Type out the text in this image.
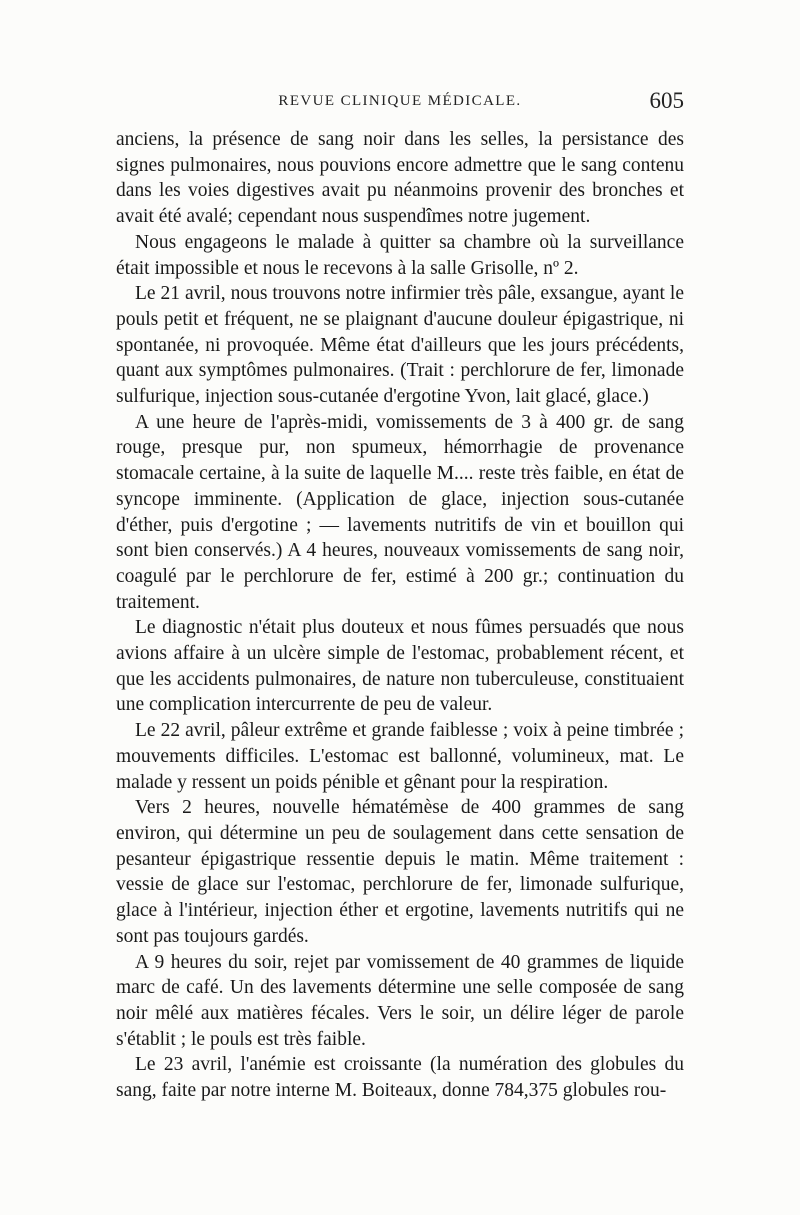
REVUE CLINIQUE MÉDICALE.	605

anciens, la présence de sang noir dans les selles, la persistance des signes pulmonaires, nous pouvions encore admettre que le sang contenu dans les voies digestives avait pu néanmoins provenir des bronches et avait été avalé; cependant nous suspendîmes notre jugement.

Nous engageons le malade à quitter sa chambre où la surveillance était impossible et nous le recevons à la salle Grisolle, nº 2.

Le 21 avril, nous trouvons notre infirmier très pâle, exsangue, ayant le pouls petit et fréquent, ne se plaignant d'aucune douleur épigastrique, ni spontanée, ni provoquée. Même état d'ailleurs que les jours précédents, quant aux symptômes pulmonaires. (Trait : perchlorure de fer, limonade sulfurique, injection sous-cutanée d'ergotine Yvon, lait glacé, glace.)

A une heure de l'après-midi, vomissements de 3 à 400 gr. de sang rouge, presque pur, non spumeux, hémorrhagie de provenance stomacale certaine, à la suite de laquelle M.... reste très faible, en état de syncope imminente. (Application de glace, injection sous-cutanée d'éther, puis d'ergotine ; — lavements nutritifs de vin et bouillon qui sont bien conservés.) A 4 heures, nouveaux vomissements de sang noir, coagulé par le perchlorure de fer, estimé à 200 gr.; continuation du traitement.

Le diagnostic n'était plus douteux et nous fûmes persuadés que nous avions affaire à un ulcère simple de l'estomac, probablement récent, et que les accidents pulmonaires, de nature non tuberculeuse, constituaient une complication intercurrente de peu de valeur.

Le 22 avril, pâleur extrême et grande faiblesse ; voix à peine timbrée ; mouvements difficiles. L'estomac est ballonné, volumineux, mat. Le malade y ressent un poids pénible et gênant pour la respiration.

Vers 2 heures, nouvelle hématémèse de 400 grammes de sang environ, qui détermine un peu de soulagement dans cette sensation de pesanteur épigastrique ressentie depuis le matin. Même traitement : vessie de glace sur l'estomac, perchlorure de fer, limonade sulfurique, glace à l'intérieur, injection éther et ergotine, lavements nutritifs qui ne sont pas toujours gardés.

A 9 heures du soir, rejet par vomissement de 40 grammes de liquide marc de café. Un des lavements détermine une selle composée de sang noir mêlé aux matières fécales. Vers le soir, un délire léger de parole s'établit ; le pouls est très faible.

Le 23 avril, l'anémie est croissante (la numération des globules du sang, faite par notre interne M. Boiteaux, donne 784,375 globules rou-
